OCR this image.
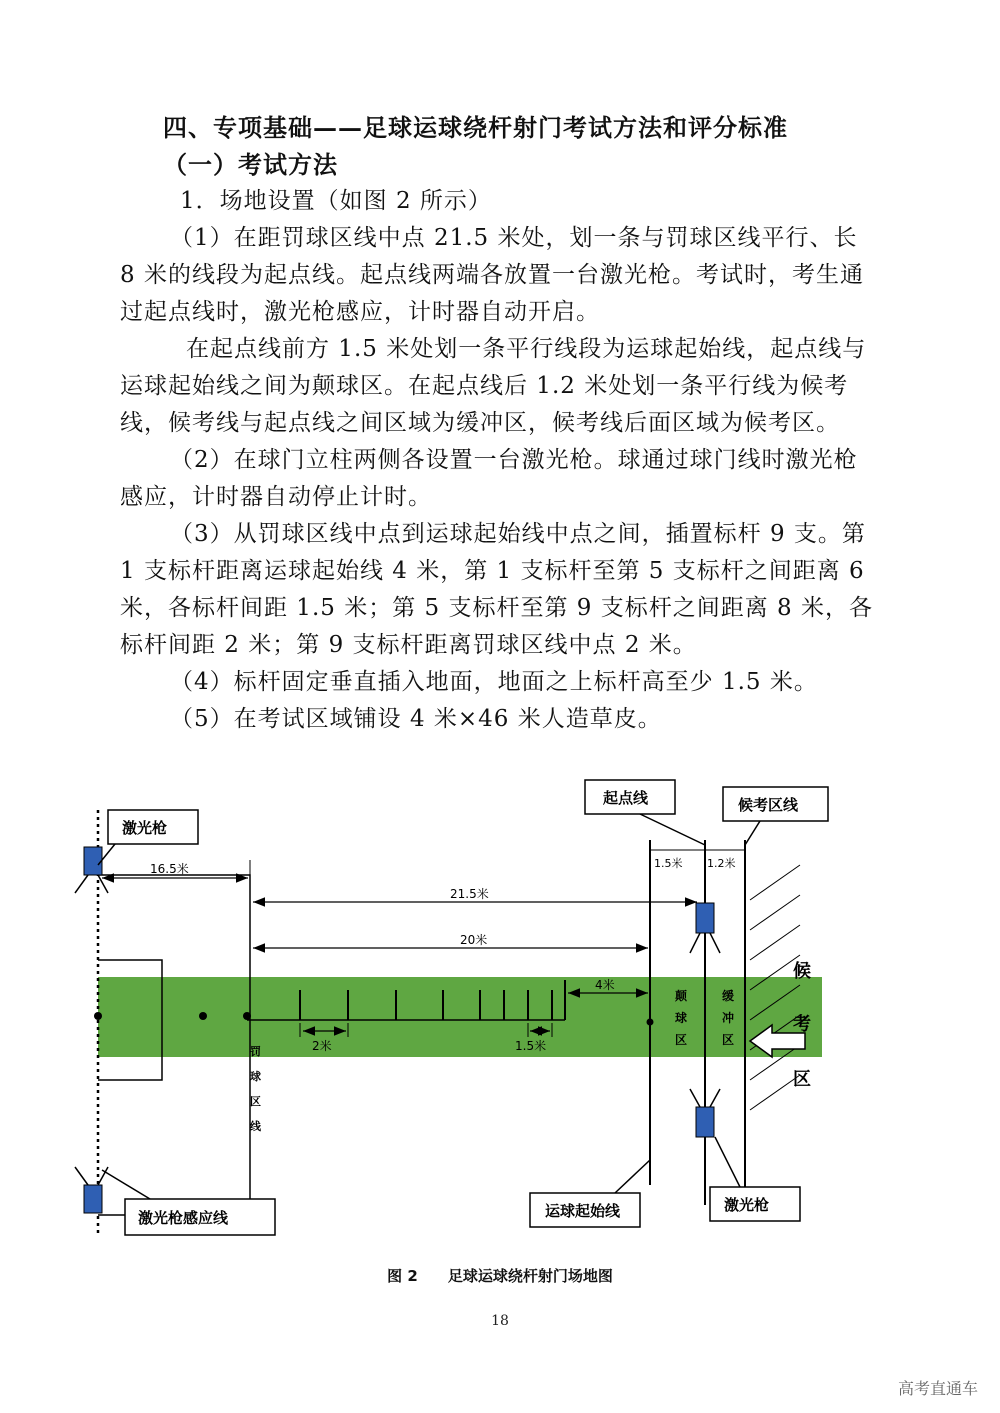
四、专项基础——足球运球绕杆射门考试方法和评分标准
（一）考试方法

1．场地设置（如图 2 所示）

（1）在距罚球区线中点 21.5 米处，划一条与罚球区线平行、长 8 米的线段为起点线。起点线两端各放置一台激光枪。考试时，考生通过起点线时，激光枪感应，计时器自动开启。

在起点线前方 1.5 米处划一条平行线段为运球起始线，起点线与运球起始线之间为颠球区。在起点线后 1.2 米处划一条平行线为候考线，候考线与起点线之间区域为缓冲区，候考线后面区域为候考区。

（2）在球门立柱两侧各设置一台激光枪。球通过球门线时激光枪感应，计时器自动停止计时。

（3）从罚球区线中点到运球起始线中点之间，插置标杆 9 支。第 1 支标杆距离运球起始线 4 米，第 1 支标杆至第 5 支标杆之间距离 6 米，各标杆间距 1.5 米；第 5 支标杆至第 9 支标杆之间距离 8 米，各标杆间距 2 米；第 9 支标杆距离罚球区线中点 2 米。

（4）标杆固定垂直插入地面，地面之上标杆高至少 1.5 米。

（5）在考试区域铺设 4 米×46 米人造草皮。

2米	1.5米
4米
16.5米
21.5米
20米
1.5米 1.2米
颠
球
区
缓
冲
区
罚
球
区
线
候
考
区
激光枪
起点线	候考区线
激光枪感应线	运球起始线	激光枪
图 2　　足球运球绕杆射门场地图
18
高考直通车
